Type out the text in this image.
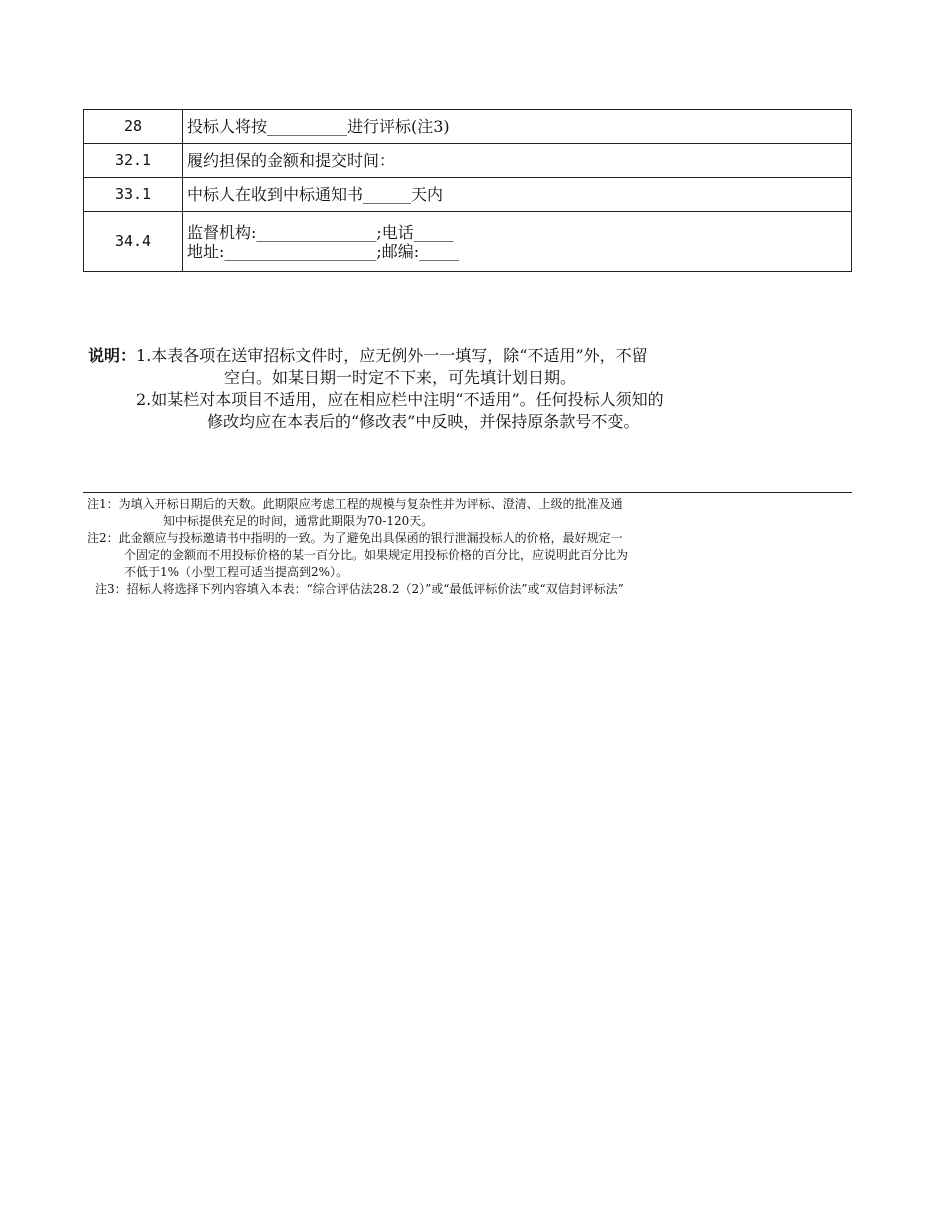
28	投标人将按__________进行评标(注3)

32.1	履约担保的金额和提交时间：

33.1	中标人在收到中标通知书______天内

34.4	监督机构:_______________;电话_____
地址:___________________;邮编:_____
说明：1.本表各项在送审招标文件时，应无例外一一填写，除“不适用”外，不留
空白。如某日期一时定不下来，可先填计划日期。
2.如某栏对本项目不适用，应在相应栏中注明“不适用”。任何投标人须知的
修改均应在本表后的“修改表”中反映，并保持原条款号不变。
注1：为填入开标日期后的天数。此期限应考虑工程的规模与复杂性并为评标、澄清、上级的批准及通
知中标提供充足的时间，通常此期限为70-120天。
注2：此金额应与投标邀请书中指明的一致。为了避免出具保函的银行泄漏投标人的价格，最好规定一
个固定的金额而不用投标价格的某一百分比。如果规定用投标价格的百分比，应说明此百分比为
不低于1%（小型工程可适当提高到2%）。
注3：招标人将选择下列内容填入本表：“综合评估法28.2（2）”或“最低评标价法”或“双信封评标法”
